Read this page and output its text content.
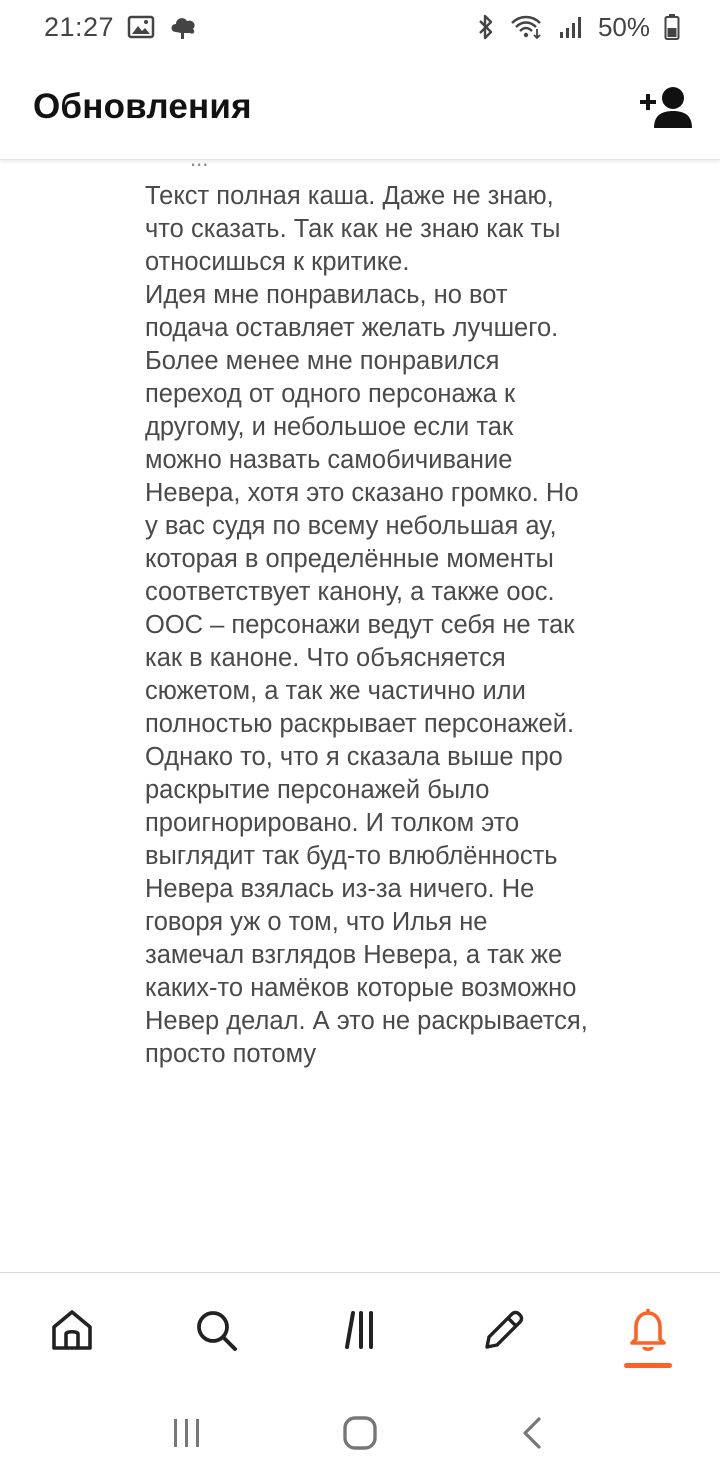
21:27	50%
Обновления

Текст полная каша. Даже не знаю, что сказать. Так как не знаю как ты относишься к критике.

Идея мне понравилась, но вот подача оставляет желать лучшего.

Более менее мне понравился переход от одного персонажа к другому, и небольшое если так можно назвать самобичивание Невера, хотя это сказано громко. Но у вас судя по всему небольшая ау, которая в определённые моменты соответствует канону, а также оос.

ООС – персонажи ведут себя не так как в каноне. Что объясняется сюжетом, а так же частично или полностью раскрывает персонажей.

Однако то, что я сказала выше про раскрытие персонажей было проигнорировано. И толком это выглядит так буд-то влюблённость Невера взялась из-за ничего. Не говоря уж о том, что Илья не замечал взглядов Невера, а так же каких-то намёков которые возможно Невер делал. А это не раскрывается, просто потому
